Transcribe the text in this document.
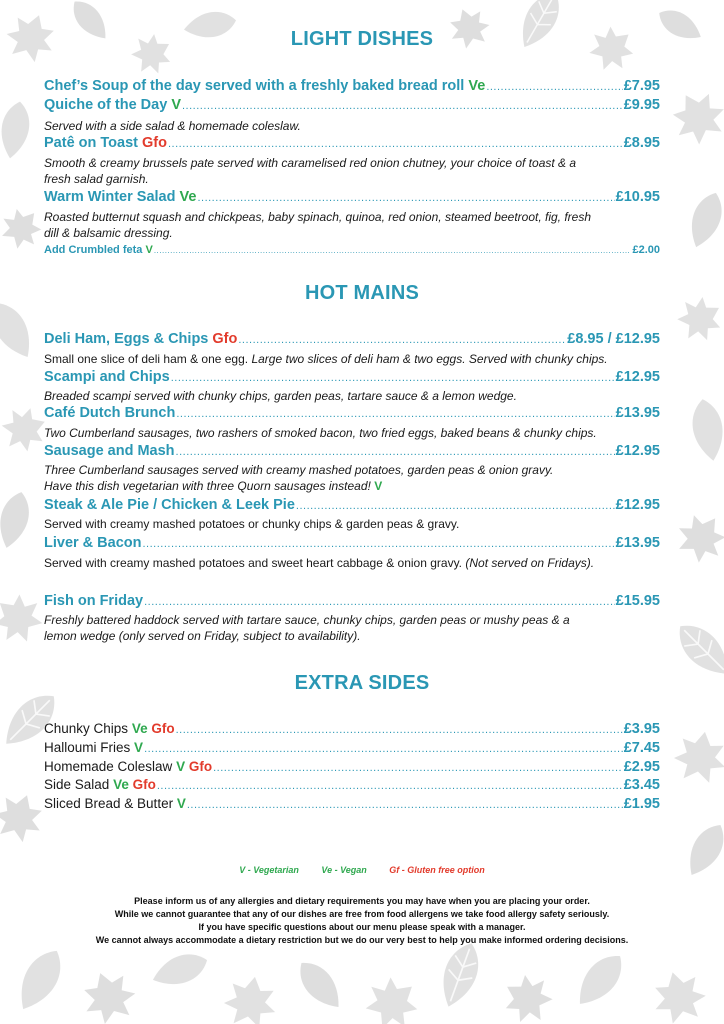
LIGHT DISHES
Chef’s Soup of the day served with a freshly baked bread roll Ve .....	£7.95
Quiche of the Day V .....	£9.95
Served with a side salad & homemade coleslaw.
Patê on Toast Gfo .....	£8.95
Smooth & creamy brussels pate served with caramelised red onion chutney, your choice of toast & a
fresh salad garnish.
Warm Winter Salad Ve .....	£10.95
Roasted butternut squash and chickpeas, baby spinach, quinoa, red onion, steamed beetroot, fig, fresh
dill & balsamic dressing.
Add Crumbled feta V .....	£2.00
HOT MAINS
Deli Ham, Eggs & Chips Gfo .....	£8.95 / £12.95
Small one slice of deli ham & one egg. Large two slices of deli ham & two eggs. Served with chunky chips.
Scampi and Chips .....	£12.95
Breaded scampi served with chunky chips, garden peas, tartare sauce & a lemon wedge.
Café Dutch Brunch .....	£13.95
Two Cumberland sausages, two rashers of smoked bacon, two fried eggs, baked beans & chunky chips.
Sausage and Mash .....	£12.95
Three Cumberland sausages served with creamy mashed potatoes, garden peas & onion gravy.
Have this dish vegetarian with three Quorn sausages instead! V
Steak & Ale Pie / Chicken & Leek Pie .....	£12.95
Served with creamy mashed potatoes or chunky chips & garden peas & gravy.
Liver & Bacon .....	£13.95
Served with creamy mashed potatoes and sweet heart cabbage & onion gravy. (Not served on Fridays).
Fish on Friday .....	£15.95
Freshly battered haddock served with tartare sauce, chunky chips, garden peas or mushy peas & a
lemon wedge (only served on Friday, subject to availability).
EXTRA SIDES
Chunky Chips Ve Gfo .....	£3.95
Halloumi Fries V .....	£7.45
Homemade Coleslaw V Gfo .....	£2.95
Side Salad Ve Gfo .....	£3.45
Sliced Bread & Butter V .....	£1.95
V - Vegetarian	Ve - Vegan	Gf - Gluten free option
Please inform us of any allergies and dietary requirements you may have when you are placing your order.
While we cannot guarantee that any of our dishes are free from food allergens we take food allergy safety seriously.
If you have specific questions about our menu please speak with a manager.
We cannot always accommodate a dietary restriction but we do our very best to help you make informed ordering decisions.
